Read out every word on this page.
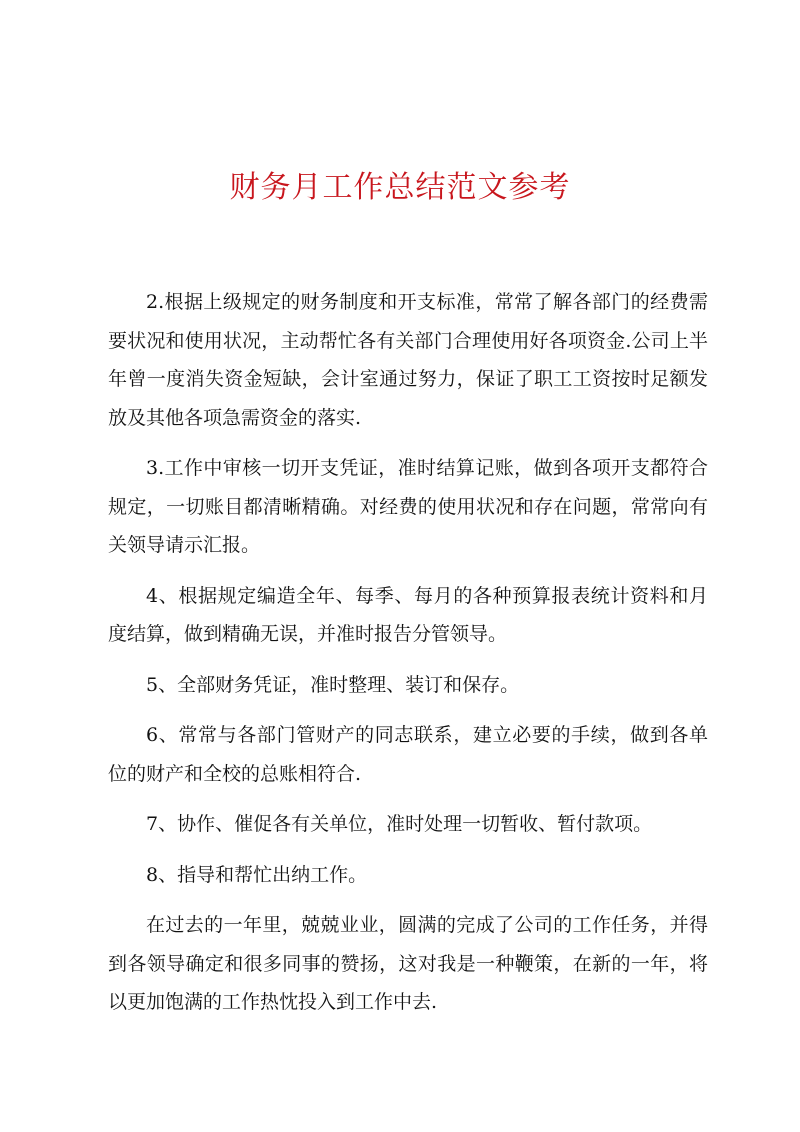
财务月工作总结范文参考

2.根据上级规定的财务制度和开支标准，常常了解各部门的经费需要状况和使用状况，主动帮忙各有关部门合理使用好各项资金.公司上半年曾一度消失资金短缺，会计室通过努力，保证了职工工资按时足额发放及其他各项急需资金的落实.

3.工作中审核一切开支凭证，准时结算记账，做到各项开支都符合规定，一切账目都清晰精确。对经费的使用状况和存在问题，常常向有关领导请示汇报。

4、根据规定编造全年、每季、每月的各种预算报表统计资料和月度结算，做到精确无误，并准时报告分管领导。

5、全部财务凭证，准时整理、装订和保存。

6、常常与各部门管财产的同志联系，建立必要的手续，做到各单位的财产和全校的总账相符合.

7、协作、催促各有关单位，准时处理一切暂收、暂付款项。

8、指导和帮忙出纳工作。

在过去的一年里，兢兢业业，圆满的完成了公司的工作任务，并得到各领导确定和很多同事的赞扬，这对我是一种鞭策，在新的一年，将以更加饱满的工作热忱投入到工作中去.
